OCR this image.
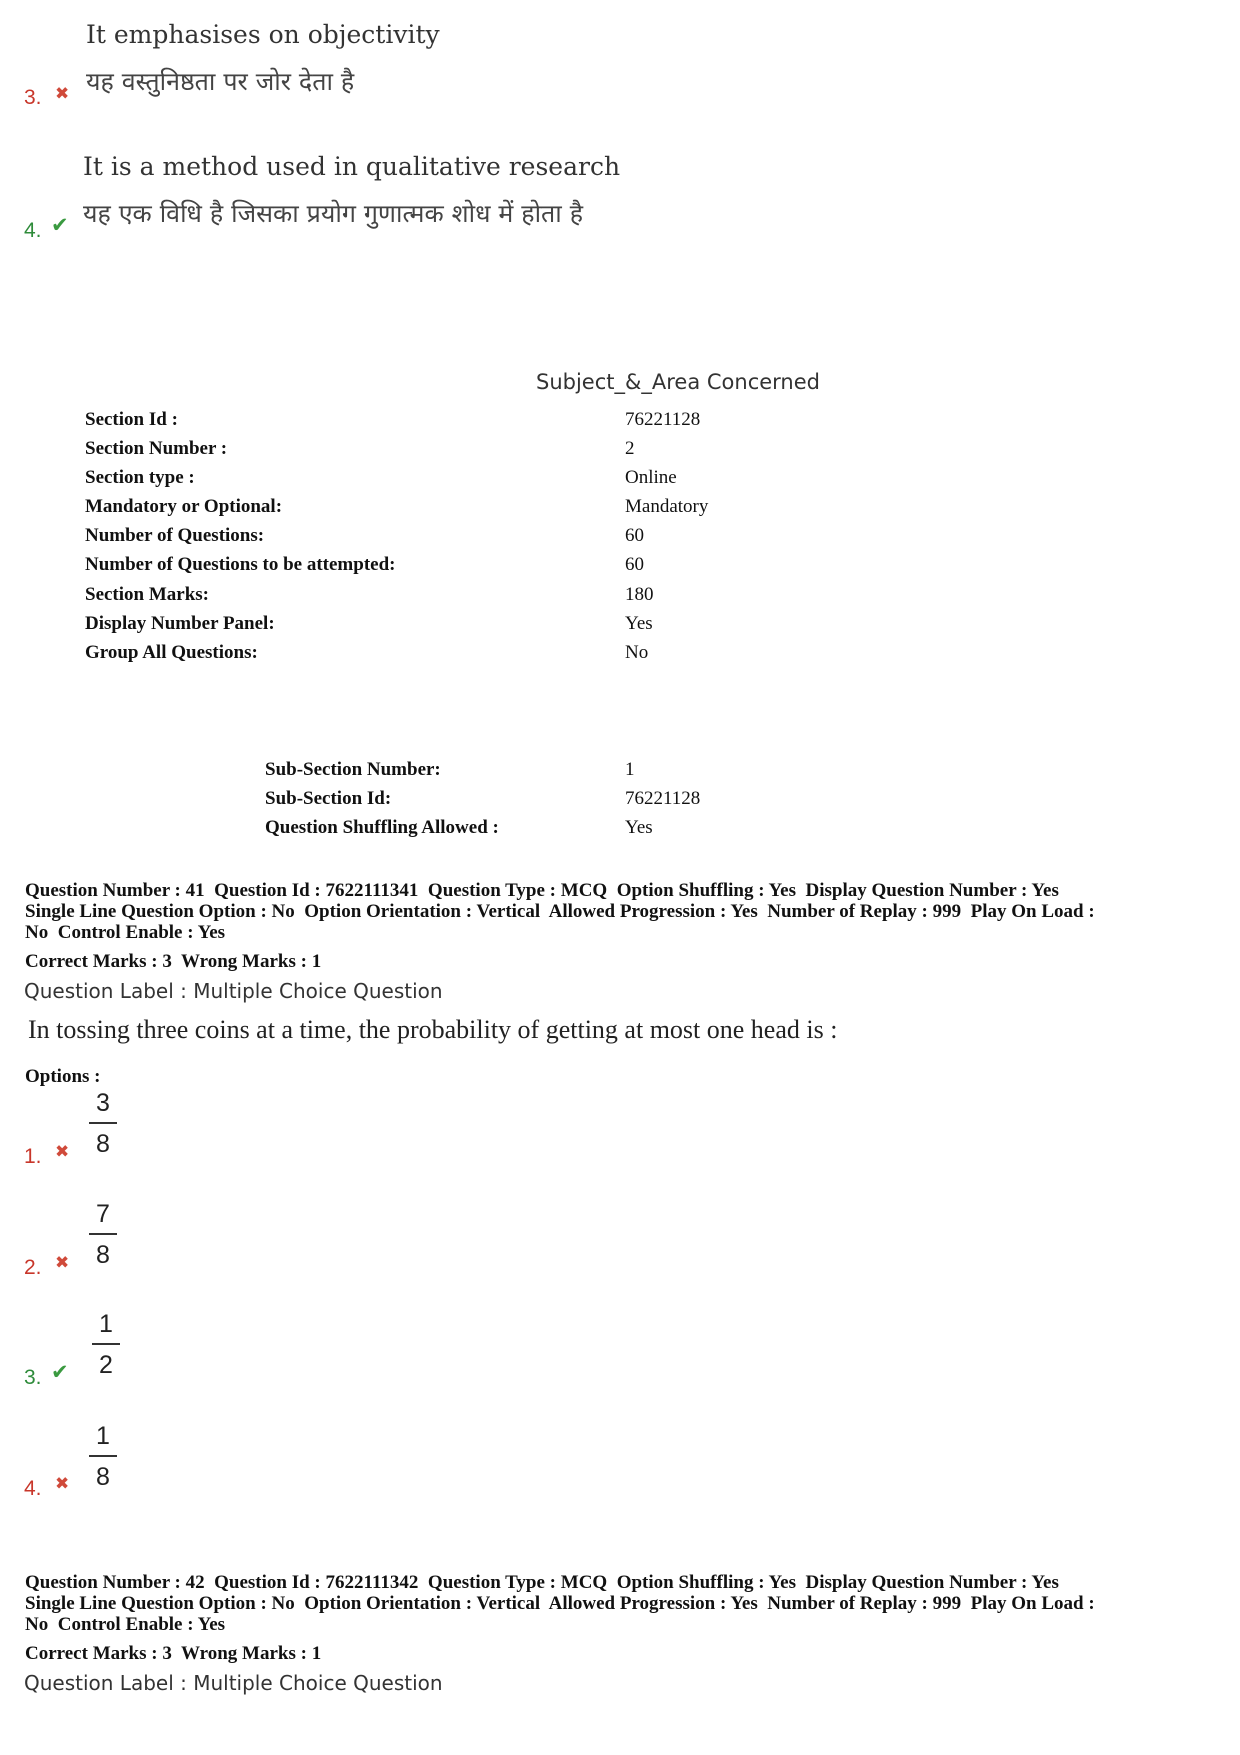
It emphasises on objectivity
यह वस्तुनिष्ठता पर जोर देता है
3. ✖
It is a method used in qualitative research
यह एक विधि है जिसका प्रयोग गुणात्मक शोध में होता है
4. ✔
Subject_&_Area Concerned
Section Id :	76221128
Section Number :	2
Section type :	Online
Mandatory or Optional:	Mandatory
Number of Questions:	60
Number of Questions to be attempted:	60
Section Marks:	180
Display Number Panel:	Yes
Group All Questions:	No
Sub-Section Number:	1
Sub-Section Id:	76221128
Question Shuffling Allowed :	Yes
Question Number : 41  Question Id : 7622111341  Question Type : MCQ  Option Shuffling : Yes  Display Question Number : Yes
Single Line Question Option : No  Option Orientation : Vertical  Allowed Progression : Yes  Number of Replay : 999  Play On Load :
No  Control Enable : Yes
Correct Marks : 3  Wrong Marks : 1
Question Label : Multiple Choice Question
In tossing three coins at a time, the probability of getting at most one head is :
Options :
3
8
1. ✖
7
8
2. ✖
1
2
3. ✔
1
8
4. ✖
Question Number : 42  Question Id : 7622111342  Question Type : MCQ  Option Shuffling : Yes  Display Question Number : Yes
Single Line Question Option : No  Option Orientation : Vertical  Allowed Progression : Yes  Number of Replay : 999  Play On Load :
No  Control Enable : Yes
Correct Marks : 3  Wrong Marks : 1
Question Label : Multiple Choice Question
